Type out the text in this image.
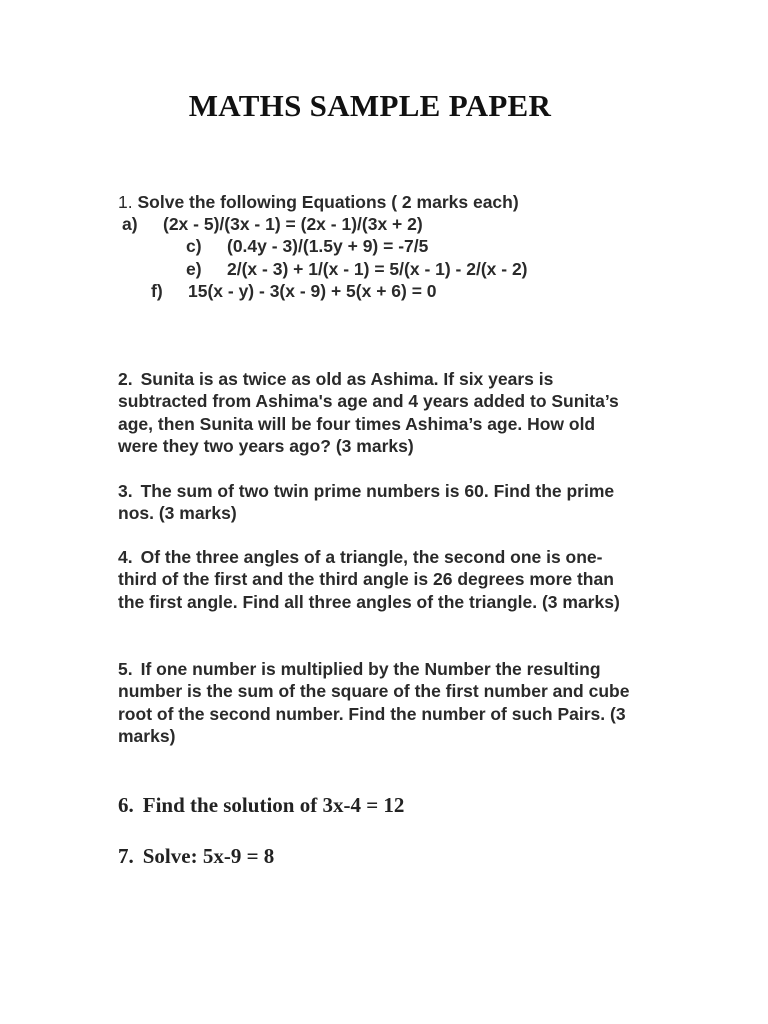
MATHS SAMPLE PAPER
1. Solve the following Equations ( 2 marks each)
a) (2x - 5)/(3x - 1) = (2x - 1)/(3x + 2)
c) (0.4y - 3)/(1.5y + 9) = -7/5
e) 2/(x - 3) + 1/(x - 1) = 5/(x - 1) - 2/(x - 2)
f) 15(x - y) - 3(x - 9) + 5(x + 6) = 0
2. Sunita is as twice as old as Ashima. If six years is subtracted from Ashima's age and 4 years added to Sunita’s age, then Sunita will be four times Ashima’s age. How old were they two years ago? (3 marks)
3. The sum of two twin prime numbers is 60. Find the prime nos. (3 marks)
4. Of the three angles of a triangle, the second one is one-third of the first and the third angle is 26 degrees more than the first angle. Find all three angles of the triangle. (3 marks)
5. If one number is multiplied by the Number the resulting number is the sum of the square of the first number and cube root of the second number. Find the number of such Pairs. (3 marks)
6. Find the solution of 3x-4 = 12
7. Solve: 5x-9 = 8
